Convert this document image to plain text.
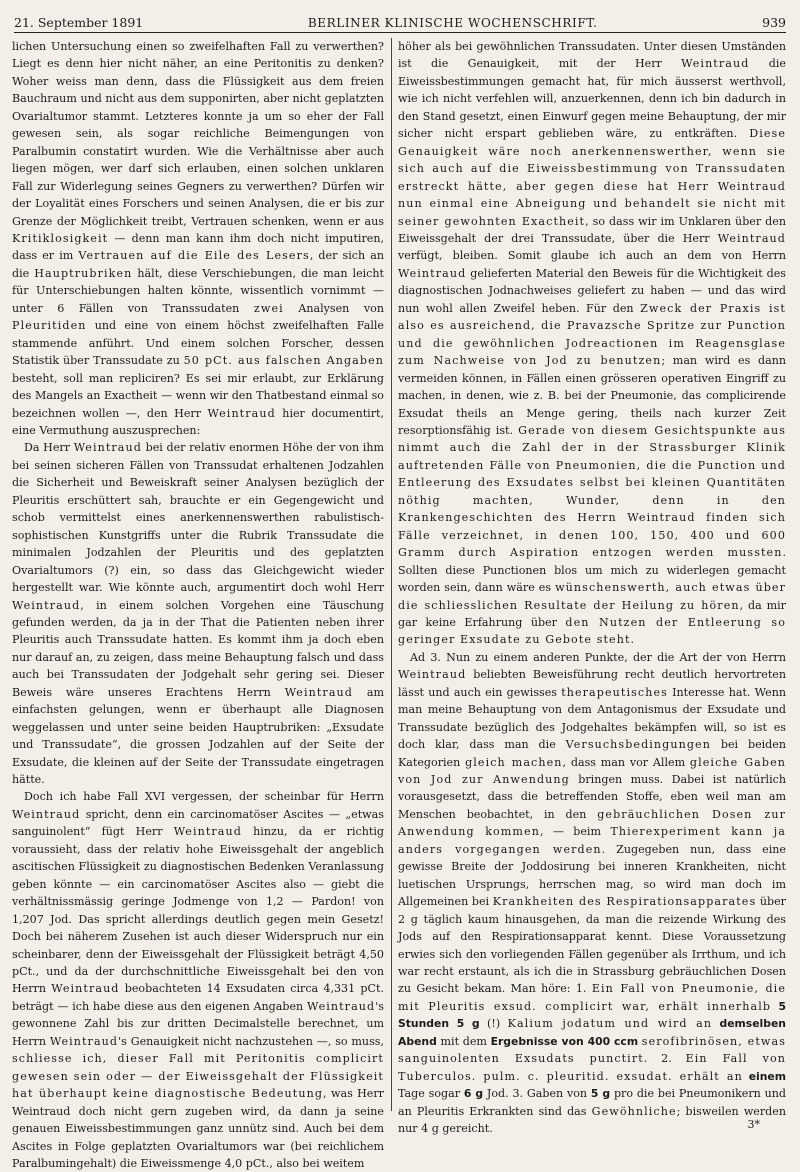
21. September 1891	BERLINER KLINISCHE WOCHENSCHRIFT.	939

lichen Untersuchung einen so zweifelhaften Fall zu verwerthen? Liegt es denn hier nicht näher, an eine Peritonitis zu denken? Woher weiss man denn, dass die Flüssigkeit aus dem freien Bauchraum und nicht aus dem supponirten, aber nicht geplatzten Ovarialtumor stammt. Letzteres konnte ja um so eher der Fall gewesen sein, als sogar reichliche Beimengungen von Paralbumin constatirt wurden. Wie die Verhältnisse aber auch liegen mögen, wer darf sich erlauben, einen solchen unklaren Fall zur Widerlegung seines Gegners zu verwerthen? Dürfen wir der Loyalität eines Forschers und seinen Analysen, die er bis zur Grenze der Möglichkeit treibt, Vertrauen schenken, wenn er aus Kritiklosigkeit — denn man kann ihm doch nicht imputiren, dass er im Vertrauen auf die Eile des Lesers, der sich an die Hauptrubriken hält, diese Verschiebungen, die man leicht für Unterschiebungen halten könnte, wissentlich vornimmt — unter 6 Fällen von Transsudaten zwei Analysen von Pleuritiden und eine von einem höchst zweifelhaften Falle stammende anführt. Und einem solchen Forscher, dessen Statistik über Transsudate zu 50 pCt. aus falschen Angaben besteht, soll man repliciren? Es sei mir erlaubt, zur Erklärung des Mangels an Exactheit — wenn wir den Thatbestand einmal so bezeichnen wollen —, den Herr Weintraud hier documentirt, eine Vermuthung auszusprechen:

Da Herr Weintraud bei der relativ enormen Höhe der von ihm bei seinen sicheren Fällen von Transsudat erhaltenen Jodzahlen die Sicherheit und Beweiskraft seiner Analysen bezüglich der Pleuritis erschüttert sah, brauchte er ein Gegengewicht und schob vermittelst eines anerkennenswerthen rabulistisch-sophistischen Kunstgriffs unter die Rubrik Transsudate die minimalen Jodzahlen der Pleuritis und des geplatzten Ovarialtumors (?) ein, so dass das Gleichgewicht wieder hergestellt war. Wie könnte auch, argumentirt doch wohl Herr Weintraud, in einem solchen Vorgehen eine Täuschung gefunden werden, da ja in der That die Patienten neben ihrer Pleuritis auch Transsudate hatten. Es kommt ihm ja doch eben nur darauf an, zu zeigen, dass meine Behauptung falsch und dass auch bei Transsudaten der Jodgehalt sehr gering sei. Dieser Beweis wäre unseres Erachtens Herrn Weintraud am einfachsten gelungen, wenn er überhaupt alle Diagnosen weggelassen und unter seine beiden Hauptrubriken: „Exsudate und Transsudate“, die grossen Jodzahlen auf der Seite der Exsudate, die kleinen auf der Seite der Transsudate eingetragen hätte.

Doch ich habe Fall XVI vergessen, der scheinbar für Herrn Weintraud spricht, denn ein carcinomatöser Ascites — „etwas sanguinolent“ fügt Herr Weintraud hinzu, da er richtig voraussieht, dass der relativ hohe Eiweissgehalt der angeblich ascitischen Flüssigkeit zu diagnostischen Bedenken Veranlassung geben könnte — ein carcinomatöser Ascites also — giebt die verhältnissmässig geringe Jodmenge von 1,2 — Pardon! von 1,207 Jod. Das spricht allerdings deutlich gegen mein Gesetz! Doch bei näherem Zusehen ist auch dieser Widerspruch nur ein scheinbarer, denn der Eiweissgehalt der Flüssigkeit beträgt 4,50 pCt., und da der durchschnittliche Eiweissgehalt bei den von Herrn Weintraud beobachteten 14 Exsudaten circa 4,331 pCt. beträgt — ich habe diese aus den eigenen Angaben Weintraud's gewonnene Zahl bis zur dritten Decimalstelle berechnet, um Herrn Weintraud's Genauigkeit nicht nachzustehen —, so muss, schliesse ich, dieser Fall mit Peritonitis complicirt gewesen sein oder — der Eiweissgehalt der Flüssigkeit hat überhaupt keine diagnostische Bedeutung, was Herr Weintraud doch nicht gern zugeben wird, da dann ja seine genauen Eiweissbestimmungen ganz unnütz sind. Auch bei dem Ascites in Folge geplatzten Ovarialtumors war (bei reichlichem Paralbumingehalt) die Eiweissmenge 4,0 pCt., also bei weitem

höher als bei gewöhnlichen Transsudaten. Unter diesen Umständen ist die Genauigkeit, mit der Herr Weintraud die Eiweissbestimmungen gemacht hat, für mich äusserst werthvoll, wie ich nicht verfehlen will, anzuerkennen, denn ich bin dadurch in den Stand gesetzt, einen Einwurf gegen meine Behauptung, der mir sicher nicht erspart geblieben wäre, zu entkräften. Diese Genauigkeit wäre noch anerkennenswerther, wenn sie sich auch auf die Eiweissbestimmung von Transsudaten erstreckt hätte, aber gegen diese hat Herr Weintraud nun einmal eine Abneigung und behandelt sie nicht mit seiner gewohnten Exactheit, so dass wir im Unklaren über den Eiweissgehalt der drei Transsudate, über die Herr Weintraud verfügt, bleiben. Somit glaube ich auch an dem von Herrn Weintraud gelieferten Material den Beweis für die Wichtigkeit des diagnostischen Jodnachweises geliefert zu haben — und das wird nun wohl allen Zweifel heben. Für den Zweck der Praxis ist also es ausreichend, die Pravazsche Spritze zur Punction und die gewöhnlichen Jodreactionen im Reagensglase zum Nachweise von Jod zu benutzen; man wird es dann vermeiden können, in Fällen einen grösseren operativen Eingriff zu machen, in denen, wie z. B. bei der Pneumonie, das complicirende Exsudat theils an Menge gering, theils nach kurzer Zeit resorptionsfähig ist. Gerade von diesem Gesichtspunkte aus nimmt auch die Zahl der in der Strassburger Klinik auftretenden Fälle von Pneumonien, die die Punction und Entleerung des Exsudates selbst bei kleinen Quantitäten nöthig machten, Wunder, denn in den Krankengeschichten des Herrn Weintraud finden sich Fälle verzeichnet, in denen 100, 150, 400 und 600 Gramm durch Aspiration entzogen werden mussten. Sollten diese Punctionen blos um mich zu widerlegen gemacht worden sein, dann wäre es wünschenswerth, auch etwas über die schliesslichen Resultate der Heilung zu hören, da mir gar keine Erfahrung über den Nutzen der Entleerung so geringer Exsudate zu Gebote steht.

Ad 3. Nun zu einem anderen Punkte, der die Art der von Herrn Weintraud beliebten Beweisführung recht deutlich hervortreten lässt und auch ein gewisses therapeutisches Interesse hat. Wenn man meine Behauptung von dem Antagonismus der Exsudate und Transsudate bezüglich des Jodgehaltes bekämpfen will, so ist es doch klar, dass man die Versuchsbedingungen bei beiden Kategorien gleich machen, dass man vor Allem gleiche Gaben von Jod zur Anwendung bringen muss. Dabei ist natürlich vorausgesetzt, dass die betreffenden Stoffe, eben weil man am Menschen beobachtet, in den gebräuchlichen Dosen zur Anwendung kommen, — beim Thierexperiment kann ja anders vorgegangen werden. Zugegeben nun, dass eine gewisse Breite der Joddosirung bei inneren Krankheiten, nicht luetischen Ursprungs, herrschen mag, so wird man doch im Allgemeinen bei Krankheiten des Respirationsapparates über 2 g täglich kaum hinausgehen, da man die reizende Wirkung des Jods auf den Respirationsapparat kennt. Diese Voraussetzung erwies sich den vorliegenden Fällen gegenüber als Irrthum, und ich war recht erstaunt, als ich die in Strassburg gebräuchlichen Dosen zu Gesicht bekam. Man höre: 1. Ein Fall von Pneumonie, die mit Pleuritis exsud. complicirt war, erhält innerhalb 5 Stunden 5 g (!) Kalium jodatum und wird an demselben Abend mit dem Ergebnisse von 400 ccm serofibrinösen, etwas sanguinolenten Exsudats punctirt. 2. Ein Fall von Tuberculos. pulm. c. pleuritid. exsudat. erhält an einem Tage sogar 6 g Jod. 3. Gaben von 5 g pro die bei Pneumonikern und an Pleuritis Erkrankten sind das Gewöhnliche; bisweilen werden nur 4 g gereicht.	3*
